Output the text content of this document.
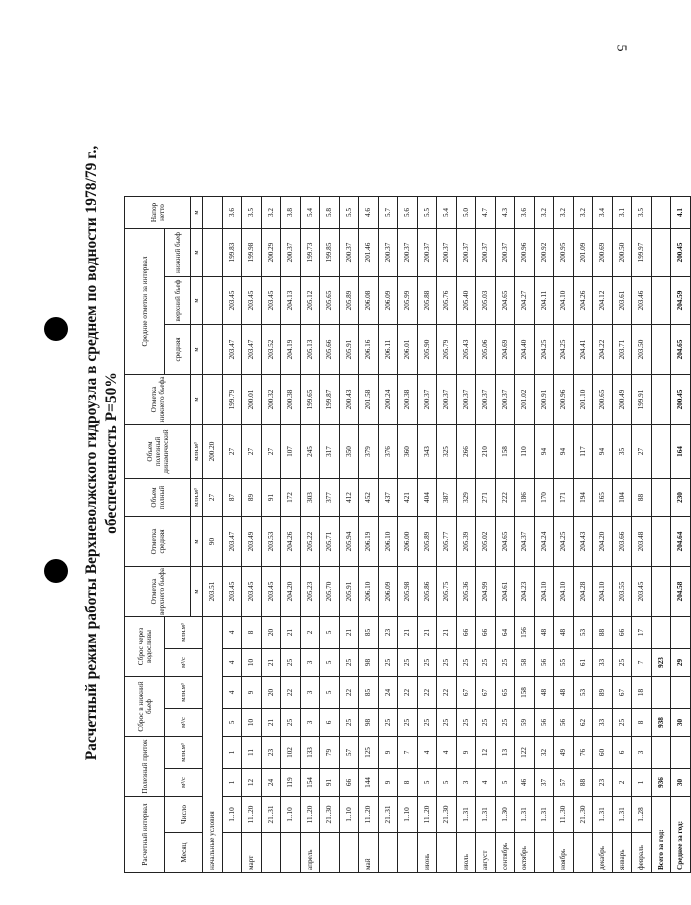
5
Расчетный режим работы Верхневолжского гидроузла в среднем по водности 1978/79 г., обеспеченность Р=50%
Расчетный интервал		Полезный приток		Сброс в нижний бьеф		Сброс через водосливы		Отметка верхнего бьефа	Отметка средняя	Объем полный	Объем полезный динамический	Отметка нижнего бьефа	Средние отметки за интервал			Напор нетто
Месяц	Число	м³/с	млн.м³	м³/с	млн.м³	м³/с	млн.м³						средняя	верхний бьеф	нижний бьеф	
								м	м	млн.м³	млн.м³	м	м	м	м	м
начальные условия								203.51	90	27	200.20					
	1..10	1	1	5	4	4	4	203.45	203.47	87	27	199.79	203.47	203.45	199.83	3.6
март	11..20	12	11	10	9	10	8	203.45	203.49	89	27	200.01	203.47	203.45	199.98	3.5
	21..31	24	23	21	20	21	20	203.45	203.53	91	27	200.32	203.52	203.45	200.29	3.2
	1..10	119	102	25	22	25	21	204.20	204.26	172	107	200.38	204.19	204.13	200.37	3.8
апрель	11..20	154	133	3	3	3	2	205.23	205.22	303	245	199.65	205.13	205.12	199.73	5.4
	21..30	91	79	6	5	5	5	205.70	205.71	377	317	199.87	205.66	205.65	199.85	5.8
	1..10	66	57	25	22	25	21	205.91	205.94	412	350	200.43	205.91	205.89	200.37	5.5
май	11..20	144	125	98	85	98	85	206.10	206.19	452	379	201.58	206.16	206.08	201.46	4.6
	21..31	9	9	25	24	25	23	206.09	206.10	437	376	200.24	206.11	206.09	200.37	5.7
	1..10	8	7	25	22	25	21	205.98	206.00	421	360	200.38	206.01	205.99	200.37	5.6
июнь	11..20	5	4	25	22	25	21	205.86	205.89	404	343	200.37	205.90	205.88	200.37	5.5
	21..30	5	4	25	22	25	21	205.75	205.77	387	325	200.37	205.79	205.76	200.37	5.4
июль	1..31	3	9	25	67	25	66	205.36	205.39	329	266	200.37	205.43	205.40	200.37	5.0
август	1..31	4	12	25	67	25	66	204.99	205.02	271	210	200.37	205.06	205.03	200.37	4.7
сентябрь	1..30	5	13	25	65	25	64	204.61	204.65	222	158	200.37	204.69	204.65	200.37	4.3
октябрь	1..31	46	122	59	158	58	156	204.23	204.37	186	110	201.02	204.40	204.27	200.96	3.6
	1..31	37	32	56	48	56	48	204.10	204.24	170	94	200.91	204.25	204.11	200.92	3.2
ноябрь	11..30	57	49	56	48	55	48	204.10	204.25	171	94	200.96	204.25	204.10	200.95	3.2
	21..30	88	76	62	53	61	53	204.28	204.43	194	117	201.10	204.41	204.26	201.09	3.2
декабрь	1..31	23	60	33	89	33	88	204.10	204.20	165	94	200.65	204.22	204.12	200.69	3.4
январь	1..31	2	6	25	67	25	66	203.55	203.66	104	35	200.49	203.71	203.61	200.50	3.1
февраль	1..28	1	3	8	18	7	17	203.45	203.48	88	27	199.91	203.50	203.46	199.97	3.5
Всего за год:		936		938		923										
Среднее за год:		30		30		29		204.58	204.64	230	164	200.45	204.65	204.59	200.45	4.1
